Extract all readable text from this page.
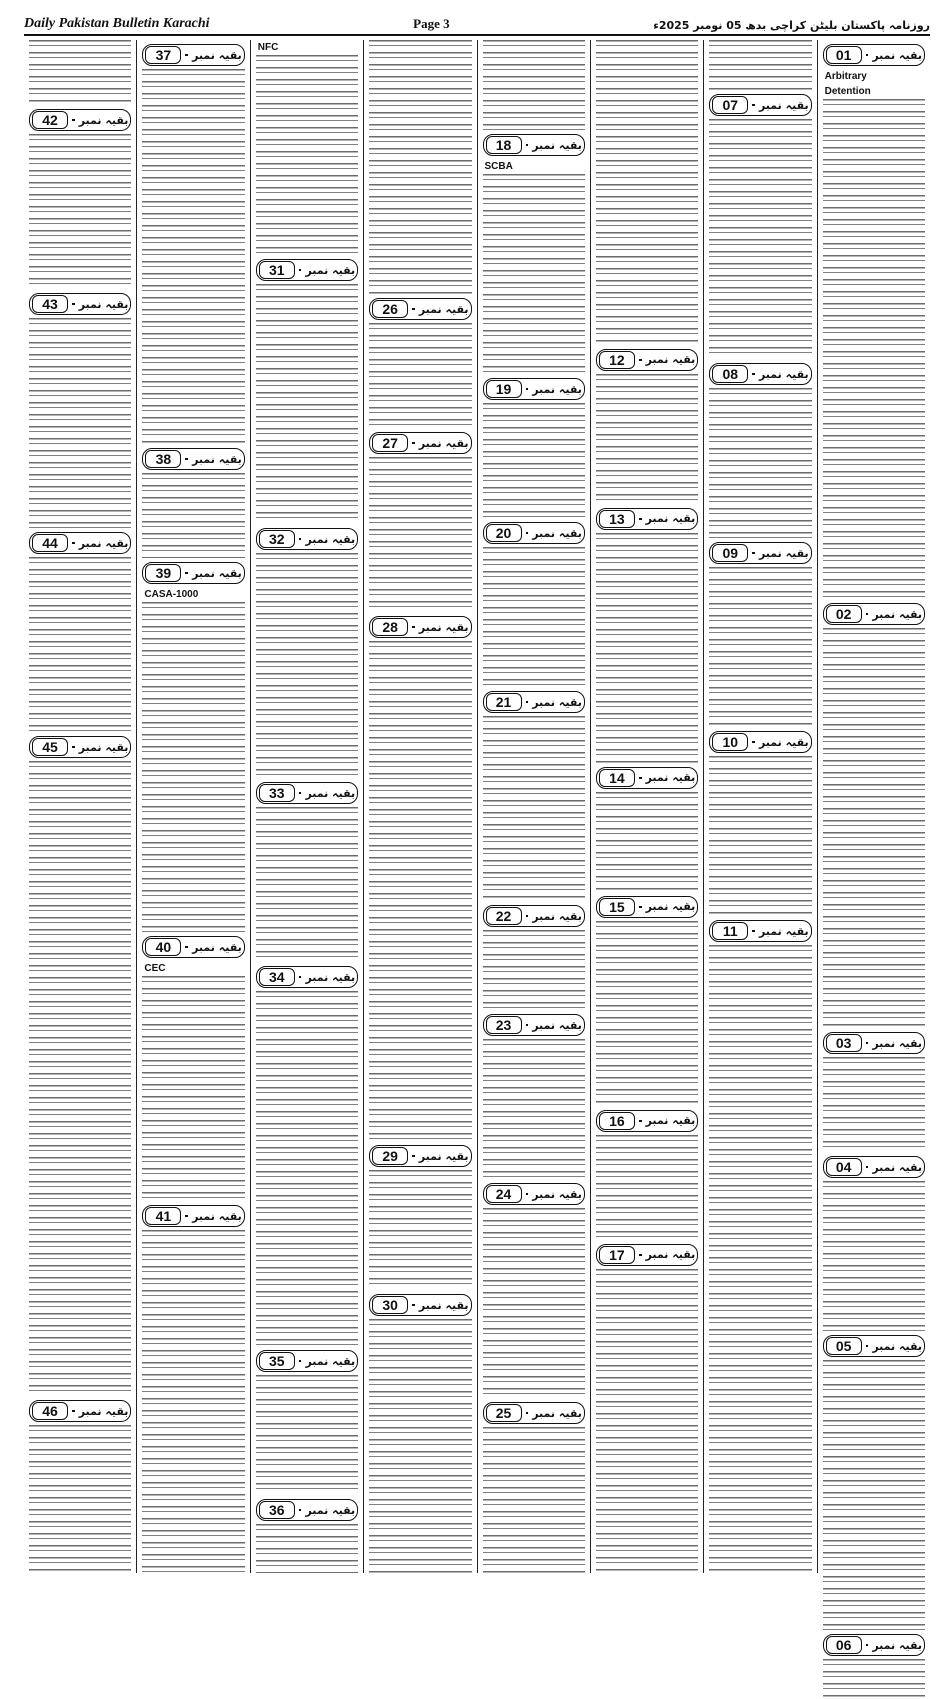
Daily Pakistan Bulletin Karachi	Page 3	روزنامہ پاکستان بلیٹن کراچی بدھ 05 نومبر 2025ء
01	بقیہ نمبر
Arbitrary
Detention
02	بقیہ نمبر
03	بقیہ نمبر
04	بقیہ نمبر
05	بقیہ نمبر
06	بقیہ نمبر
07	بقیہ نمبر
08	بقیہ نمبر
09	بقیہ نمبر
10	بقیہ نمبر
11	بقیہ نمبر
12	بقیہ نمبر
13	بقیہ نمبر
14	بقیہ نمبر
15	بقیہ نمبر
16	بقیہ نمبر
17	بقیہ نمبر
18	بقیہ نمبر
SCBA
19	بقیہ نمبر
20	بقیہ نمبر
21	بقیہ نمبر
22	بقیہ نمبر
23	بقیہ نمبر
24	بقیہ نمبر
25	بقیہ نمبر
26	بقیہ نمبر
27	بقیہ نمبر
28	بقیہ نمبر
29	بقیہ نمبر
30	بقیہ نمبر
NFC
31	بقیہ نمبر
32	بقیہ نمبر
33	بقیہ نمبر
34	بقیہ نمبر
35	بقیہ نمبر
36	بقیہ نمبر
37	بقیہ نمبر
38	بقیہ نمبر
39	بقیہ نمبر
CASA-1000
40	بقیہ نمبر
CEC
41	بقیہ نمبر
42	بقیہ نمبر
43	بقیہ نمبر
44	بقیہ نمبر
45	بقیہ نمبر
46	بقیہ نمبر
